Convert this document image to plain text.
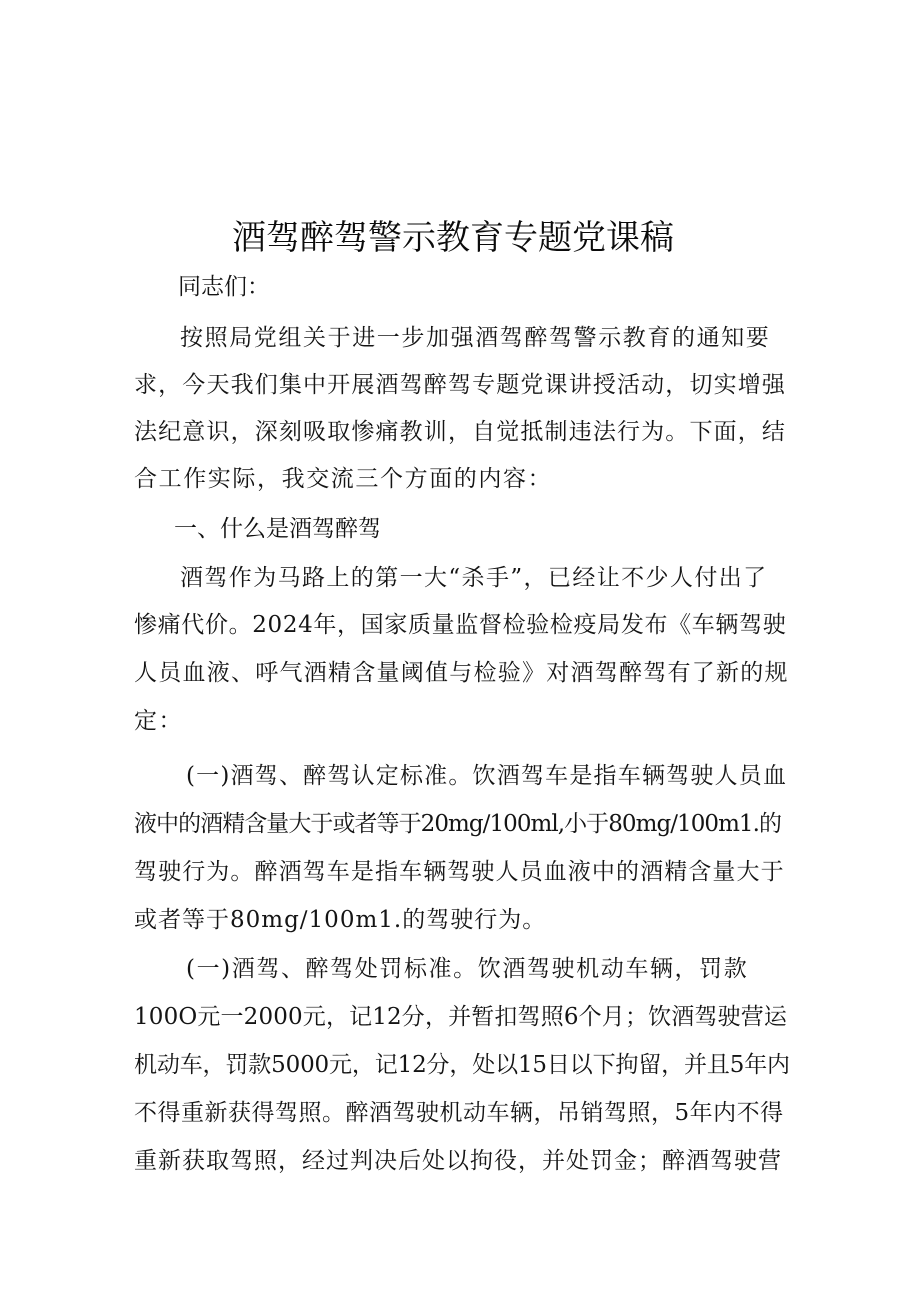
酒驾醉驾警示教育专题党课稿
同志们：
按照局党组关于进一步加强酒驾醉驾警示教育的通知要
求，今天我们集中开展酒驾醉驾专题党课讲授活动，切实增强
法纪意识，深刻吸取惨痛教训，自觉抵制违法行为。下面，结
合工作实际，我交流三个方面的内容：
一、什么是酒驾醉驾
酒驾作为马路上的第一大“杀手”，已经让不少人付出了
惨痛代价。2024年，国家质量监督检验检疫局发布《车辆驾驶
人员血液、呼气酒精含量阈值与检验》对酒驾醉驾有了新的规
定：
(一)酒驾、醉驾认定标准。饮酒驾车是指车辆驾驶人员血
液中的酒精含量大于或者等于20mg∕100ml,小于80mg∕100m1.的
驾驶行为。醉酒驾车是指车辆驾驶人员血液中的酒精含量大于
或者等于80mg∕100m1.的驾驶行为。
(一)酒驾、醉驾处罚标准。饮酒驾驶机动车辆，罚款
100O元一2000元，记12分，并暂扣驾照6个月；饮酒驾驶营运
机动车，罚款5000元，记12分，处以15日以下拘留，并且5年内
不得重新获得驾照。醉酒驾驶机动车辆，吊销驾照，5年内不得
重新获取驾照，经过判决后处以拘役，并处罚金；醉酒驾驶营
